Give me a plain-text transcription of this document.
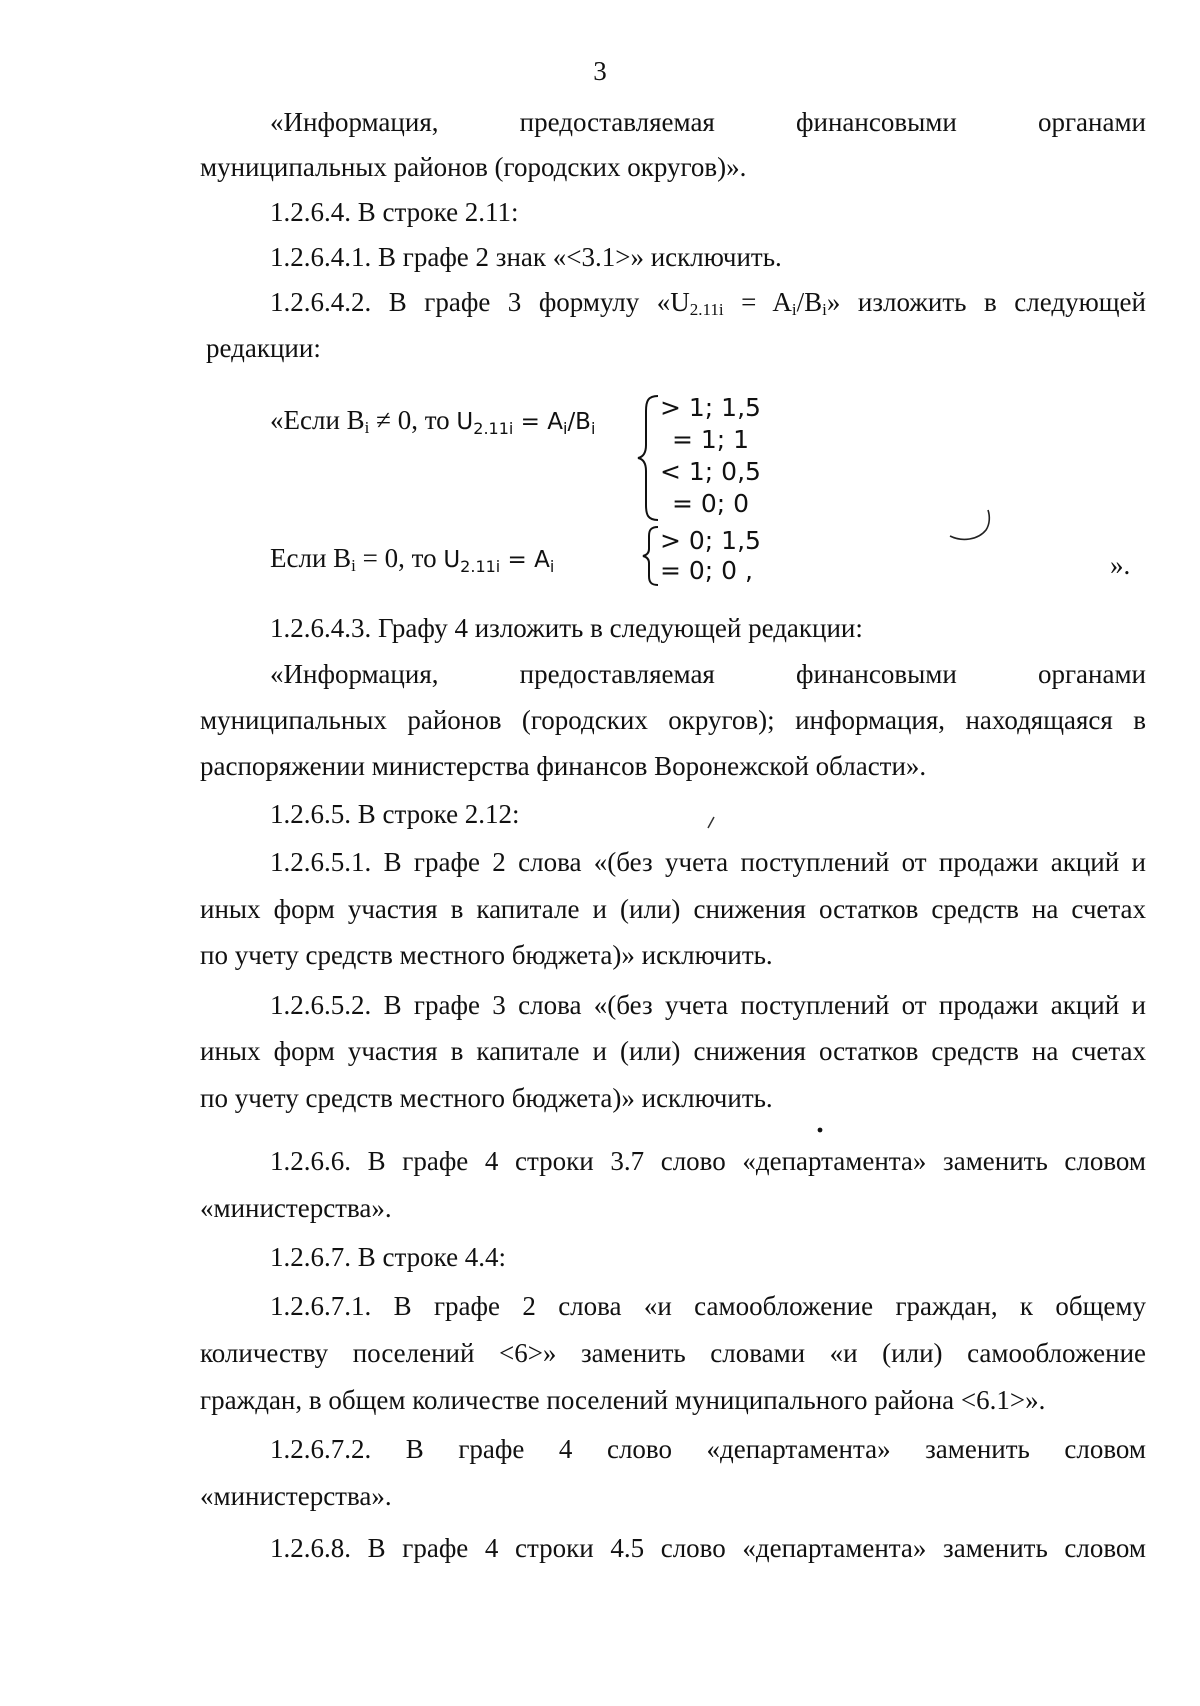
3
«Информация, предоставляемая финансовыми органами
муниципальных районов (городских округов)».
1.2.6.4. В строке 2.11:
1.2.6.4.1. В графе 2 знак «<3.1>» исключить.
1.2.6.4.2. В графе 3 формулу «U2.11i = Ai/Bi» изложить в следующей
редакции:
«Если Bi ≠ 0, то $U_{2.11i} = A_i/B_i$
> 1; 1,5
= 1; 1
< 1; 0,5
= 0; 0
Если Bi = 0, то $U_{2.11i} = A_i$
> 0; 1,5
= 0; 0 ,	».
1.2.6.4.3. Графу 4 изложить в следующей редакции:
«Информация, предоставляемая финансовыми органами
муниципальных районов (городских округов); информация, находящаяся в
распоряжении министерства финансов Воронежской области».
1.2.6.5. В строке 2.12:
1.2.6.5.1. В графе 2 слова «(без учета поступлений от продажи акций и
иных форм участия в капитале и (или) снижения остатков средств на счетах
по учету средств местного бюджета)» исключить.
1.2.6.5.2. В графе 3 слова «(без учета поступлений от продажи акций и
иных форм участия в капитале и (или) снижения остатков средств на счетах
по учету средств местного бюджета)» исключить.
1.2.6.6. В графе 4 строки 3.7 слово «департамента» заменить словом
«министерства».
1.2.6.7. В строке 4.4:
1.2.6.7.1. В графе 2 слова «и самообложение граждан, к общему
количеству поселений <6>» заменить словами «и (или) самообложение
граждан, в общем количестве поселений муниципального района <6.1>».
1.2.6.7.2. В графе 4 слово «департамента» заменить словом
«министерства».
1.2.6.8. В графе 4 строки 4.5 слово «департамента» заменить словом
